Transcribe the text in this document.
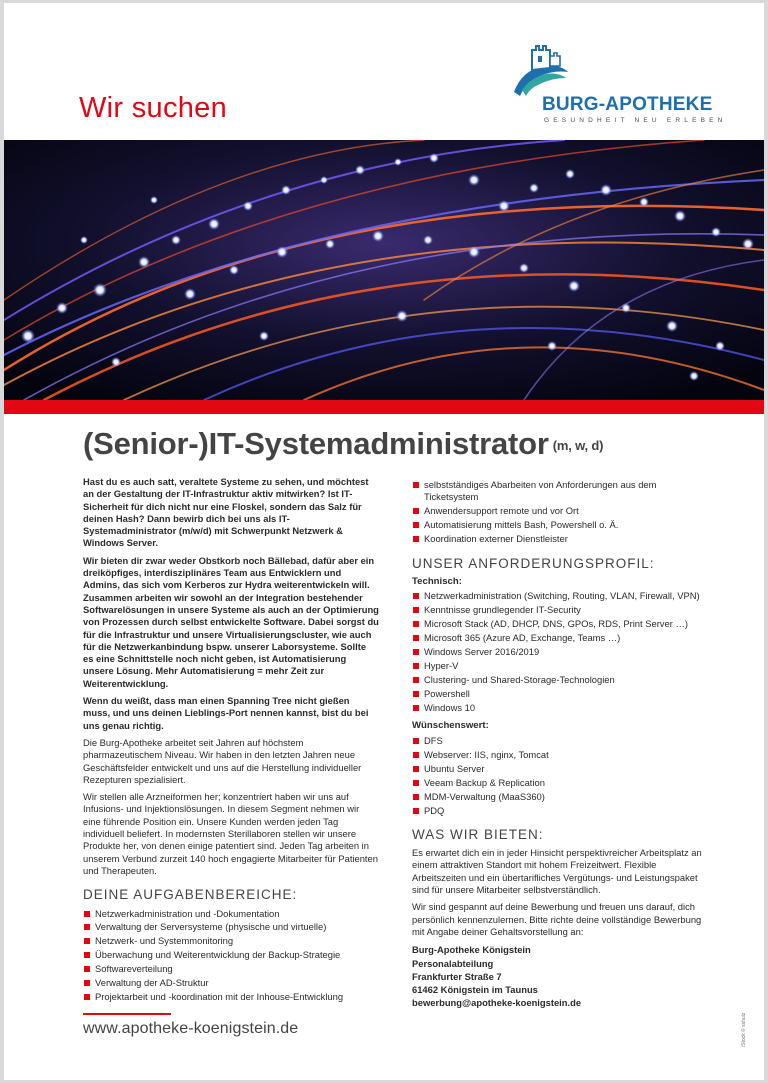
Wir suchen	BURG-APOTHEKE
GESUNDHEIT NEU ERLEBEN
(Senior-)IT-Systemadministrator (m, w, d)

Hast du es auch satt, veraltete Systeme zu sehen, und möchtest an der Gestaltung der IT-Infrastruktur aktiv mitwirken? Ist IT-Sicherheit für dich nicht nur eine Floskel, sondern das Salz für deinen Hash? Dann bewirb dich bei uns als IT-Systemadministrator (m/w/d) mit Schwerpunkt Netzwerk & Windows Server.

Wir bieten dir zwar weder Obstkorb noch Bällebad, dafür aber ein dreiköpfiges, interdisziplinäres Team aus Entwicklern und Admins, das sich vom Kerberos zur Hydra weiterentwickeln will. Zusammen arbeiten wir sowohl an der Integration bestehender Softwarelösungen in unsere Systeme als auch an der Optimierung von Prozessen durch selbst entwickelte Software. Dabei sorgst du für die Infrastruktur und unsere Virtualisierungscluster, wie auch für die Netzwerkanbindung bspw. unserer Laborsysteme. Sollte es eine Schnittstelle noch nicht geben, ist Automatisierung unsere Lösung. Mehr Automatisierung = mehr Zeit zur Weiterentwicklung.

Wenn du weißt, dass man einen Spanning Tree nicht gießen muss, und uns deinen Lieblings-Port nennen kannst, bist du bei uns genau richtig.

Die Burg-Apotheke arbeitet seit Jahren auf höchstem pharmazeutischem Niveau. Wir haben in den letzten Jahren neue Geschäftsfelder entwickelt und uns auf die Herstellung individueller Rezepturen spezialisiert.

Wir stellen alle Arzneiformen her; konzentriert haben wir uns auf Infusions- und Injektionslösungen. In diesem Segment nehmen wir eine führende Position ein. Unsere Kunden werden jeden Tag individuell beliefert. In modernsten Sterillaboren stellen wir unsere Produkte her, von denen einige patentiert sind. Jeden Tag arbeiten in unserem Verbund zurzeit 140 hoch engagierte Mitarbeiter für Patienten und Therapeuten.

DEINE AUFGABENBEREICHE:
Netzwerkadministration und -Dokumentation
Verwaltung der Serversysteme (physische und virtuelle)
Netzwerk- und Systemmonitoring
Überwachung und Weiterentwicklung der Backup-Strategie
Softwareverteilung
Verwaltung der AD-Struktur
Projektarbeit und -koordination mit der Inhouse-Entwicklung
selbstständiges Abarbeiten von Anforderungen aus dem Ticketsystem
Anwendersupport remote und vor Ort
Automatisierung mittels Bash, Powershell o. Ä.
Koordination externer Dienstleister
UNSER ANFORDERUNGSPROFIL:
Technisch:
Netzwerkadministration (Switching, Routing, VLAN, Firewall, VPN)
Kenntnisse grundlegender IT-Security
Microsoft Stack (AD, DHCP, DNS, GPOs, RDS, Print Server …)
Microsoft 365 (Azure AD, Exchange, Teams …)
Windows Server 2016/2019
Hyper-V
Clustering- und Shared-Storage-Technologien
Powershell
Windows 10
Wünschenswert:
DFS
Webserver: IIS, nginx, Tomcat
Ubuntu Server
Veeam Backup & Replication
MDM-Verwaltung (MaaS360)
PDQ
WAS WIR BIETEN:

Es erwartet dich ein in jeder Hinsicht perspektivreicher Arbeitsplatz an einem attraktiven Standort mit hohem Freizeitwert. Flexible Arbeitszeiten und ein übertarifliches Vergütungs- und Leistungspaket sind für unsere Mitarbeiter selbstverständlich.

Wir sind gespannt auf deine Bewerbung und freuen uns darauf, dich persönlich kennenzulernen. Bitte richte deine vollständige Bewerbung mit Angabe deiner Gehaltsvorstellung an:

Burg-Apotheke Königstein
Personalabteilung
Frankfurter Straße 7
61462 Königstein im Taunus
bewerbung@apotheke-koenigstein.de
www.apotheke-koenigstein.de	iStock © sshulz
